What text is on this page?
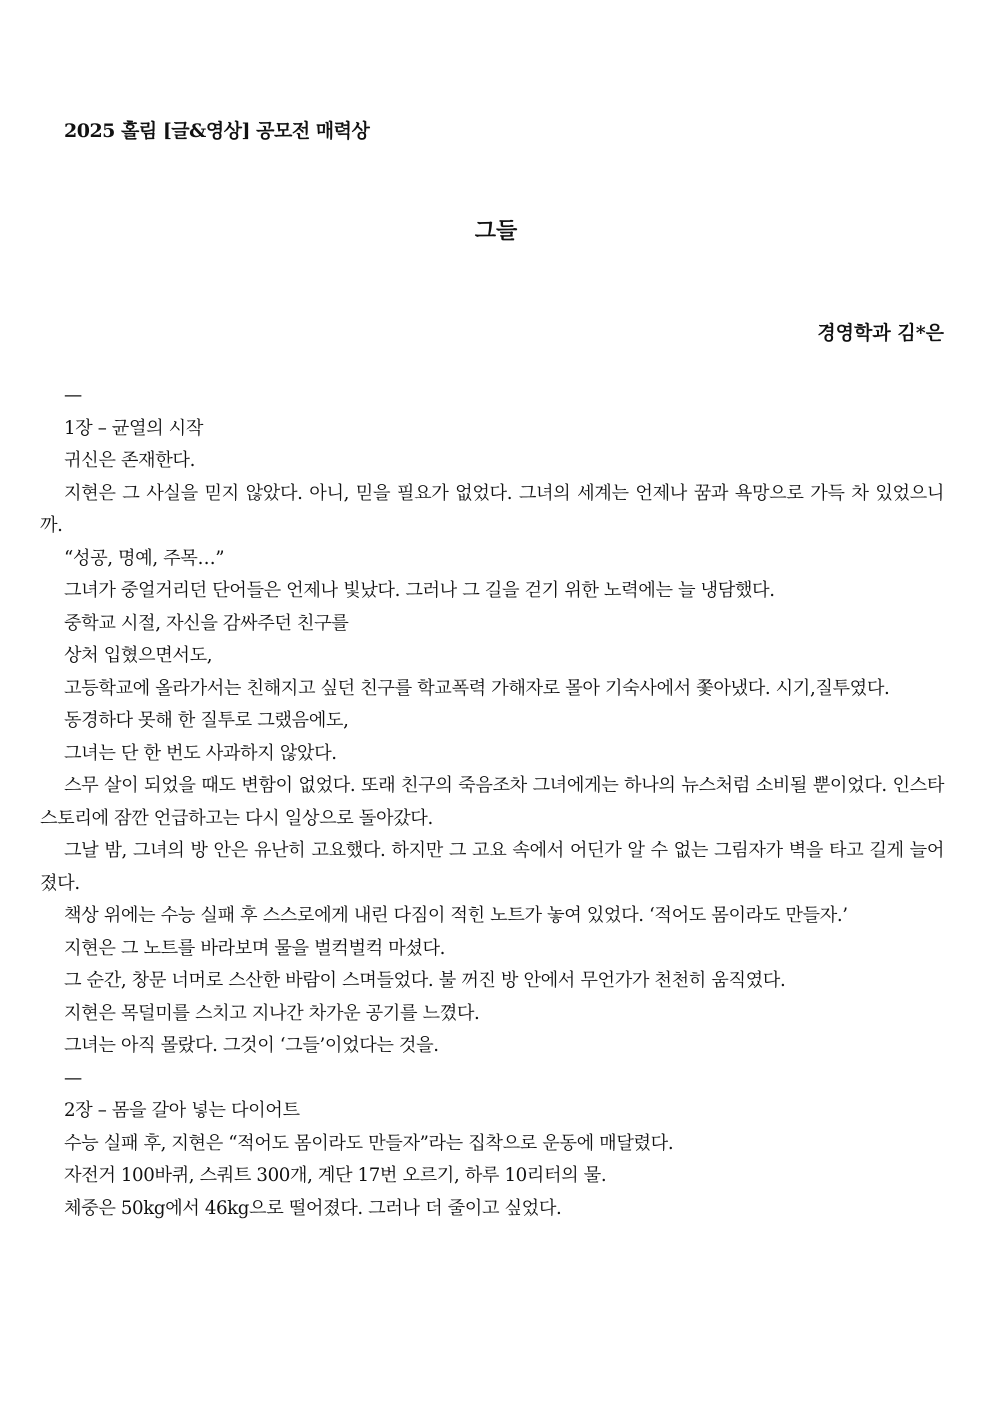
2025 홀림 [글&영상] 공모전 매력상
그들
경영학과 김*은

—

1장 – 균열의 시작

귀신은 존재한다.

지현은 그 사실을 믿지 않았다. 아니, 믿을 필요가 없었다. 그녀의 세계는 언제나 꿈과 욕망으로 가득 차 있었으니까.

“성공, 명예, 주목…”

그녀가 중얼거리던 단어들은 언제나 빛났다. 그러나 그 길을 걷기 위한 노력에는 늘 냉담했다.

중학교 시절, 자신을 감싸주던 친구를

상처 입혔으면서도,

고등학교에 올라가서는 친해지고 싶던 친구를 학교폭력 가해자로 몰아 기숙사에서 쫓아냈다. 시기,질투였다.

동경하다 못해 한 질투로 그랬음에도,

그녀는 단 한 번도 사과하지 않았다.

스무 살이 되었을 때도 변함이 없었다. 또래 친구의 죽음조차 그녀에게는 하나의 뉴스처럼 소비될 뿐이었다. 인스타 스토리에 잠깐 언급하고는 다시 일상으로 돌아갔다.

그날 밤, 그녀의 방 안은 유난히 고요했다. 하지만 그 고요 속에서 어딘가 알 수 없는 그림자가 벽을 타고 길게 늘어졌다.

책상 위에는 수능 실패 후 스스로에게 내린 다짐이 적힌 노트가 놓여 있었다. ‘적어도 몸이라도 만들자.’

지현은 그 노트를 바라보며 물을 벌컥벌컥 마셨다.

그 순간, 창문 너머로 스산한 바람이 스며들었다. 불 꺼진 방 안에서 무언가가 천천히 움직였다.

지현은 목덜미를 스치고 지나간 차가운 공기를 느꼈다.

그녀는 아직 몰랐다. 그것이 ‘그들’이었다는 것을.

—

2장 – 몸을 갈아 넣는 다이어트

수능 실패 후, 지현은 “적어도 몸이라도 만들자”라는 집착으로 운동에 매달렸다.

자전거 100바퀴, 스쿼트 300개, 계단 17번 오르기, 하루 10리터의 물.

체중은 50kg에서 46kg으로 떨어졌다. 그러나 더 줄이고 싶었다.
